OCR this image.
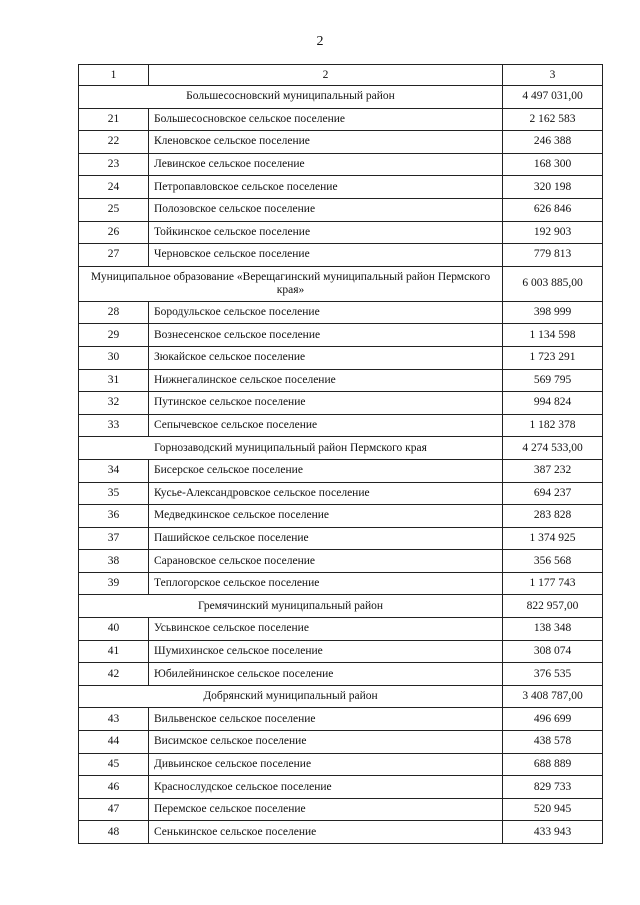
2
1	2	3
Большесосновский муниципальный район		4 497 031,00
21	Большесосновское сельское поселение	2 162 583
22	Кленовское сельское поселение	246 388
23	Левинское сельское поселение	168 300
24	Петропавловское сельское поселение	320 198
25	Полозовское сельское поселение	626 846
26	Тойкинское сельское поселение	192 903
27	Черновское сельское поселение	779 813
Муниципальное образование «Верещагинский муниципальный район Пермского края»		6 003 885,00
28	Бородульское сельское поселение	398 999
29	Вознесенское сельское поселение	1 134 598
30	Зюкайское сельское поселение	1 723 291
31	Нижнегалинское сельское поселение	569 795
32	Путинское сельское поселение	994 824
33	Сепычевское сельское поселение	1 182 378
Горнозаводский муниципальный район Пермского края		4 274 533,00
34	Бисерское сельское поселение	387 232
35	Кусье-Александровское сельское поселение	694 237
36	Медведкинское сельское поселение	283 828
37	Пашийское сельское поселение	1 374 925
38	Сарановское сельское поселение	356 568
39	Теплогорское сельское поселение	1 177 743
Гремячинский муниципальный район		822 957,00
40	Усьвинское сельское поселение	138 348
41	Шумихинское сельское поселение	308 074
42	Юбилейнинское сельское поселение	376 535
Добрянский муниципальный район		3 408 787,00
43	Вильвенское сельское поселение	496 699
44	Висимское сельское поселение	438 578
45	Дивьинское сельское поселение	688 889
46	Краснослудское сельское поселение	829 733
47	Перемское сельское поселение	520 945
48	Сенькинское сельское поселение	433 943
